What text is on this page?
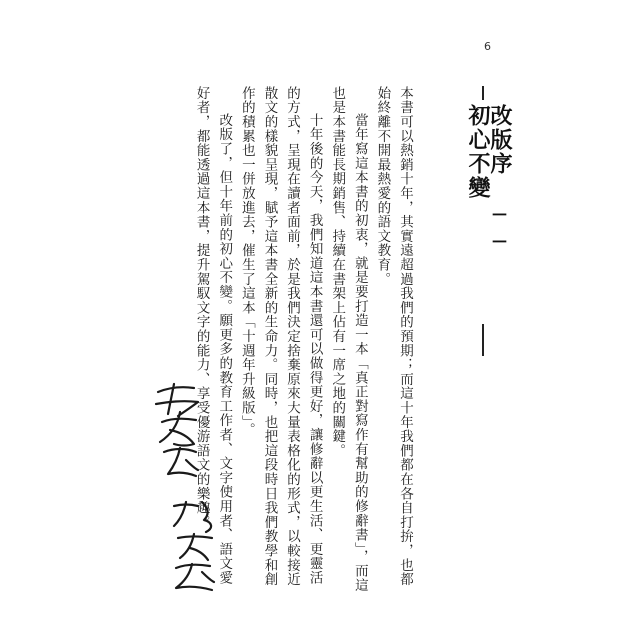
6
改版序 ── 初心不變

本書可以熱銷十年，其實遠超過我們的預期；而這十年我們都在各自打拚，也都始終離不開最熱愛的語文教育。

當年寫這本書的初衷，就是要打造一本「真正對寫作有幫助的修辭書」，而這也是本書能長期銷售、持續在書架上佔有一席之地的關鍵。

十年後的今天，我們知道這本書還可以做得更好，讓修辭以更生活、更靈活的方式，呈現在讀者面前，於是我們決定捨棄原來大量表格化的形式，以較接近散文的樣貌呈現，賦予這本書全新的生命力。同時，也把這段時日我們教學和創作的積累也一併放進去，催生了這本「十週年升級版」。

改版了，但十年前的初心不變。願更多的教育工作者、文字使用者、語文愛好者，都能透過這本書，提升駕馭文字的能力、享受優游語文的樂趣。
